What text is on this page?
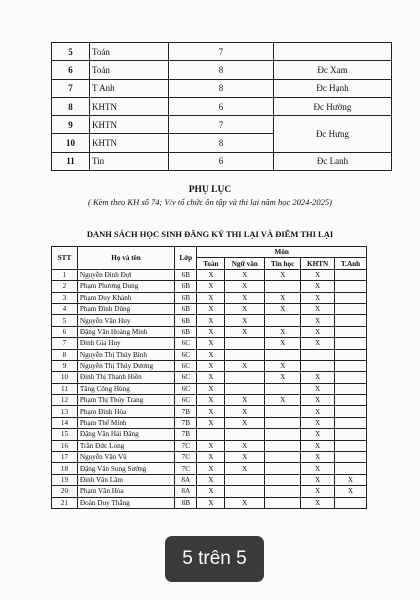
5	Toán	7	
6	Toán	8	Đc Xam
7	T Anh	8	Đc Hạnh
8	KHTN	6	Đc Hường
9	KHTN	7	Đc Hưng
10	KHTN	8	
11	Tin	6	Đc Lanh
PHỤ LỤC
( Kèm theo KH số 74; V/v tổ chức ôn tập và thi lại năm học 2024-2025)
DANH SÁCH HỌC SINH ĐĂNG KÝ THI LẠI VÀ ĐIỂM THI LẠI
STT	Họ và tên	Lớp	Môn				
			Toán	Ngữ văn	Tin học	KHTN	T.Anh
1	Nguyễn Đình Đợi	6B	X	X	X	X	
2	Phạm Phương Dung	6B	X	X		X	
3	Phạm Duy Khánh	6B	X	X	X	X	
4	Phạm Đình Dũng	6B	X	X	X	X	
5	Nguyễn Văn Huy	6B	X	X		X	
6	Đặng Văn Hoàng Minh	6B	X	X	X	X	
7	Đinh Gia Huy	6C	X		X	X	
8	Nguyễn Thị Thúy Bình	6C	X				
9	Nguyễn Thị Thúy Dương	6C	X	X	X		
10	Đinh Thị Thanh Hiền	6C	X		X	X	
11	Tăng Công Hùng	6C	X			X	
12	Phạm Thị Thúy Trang	6C	X	X	X	X	
13	Phạm Đình Hòa	7B	X	X		X	
14	Phạm Thế Minh	7B	X	X		X	
15	Đặng Văn Hải Đăng	7B				X	
16	Trần Đức Long	7C	X	X		X	
17	Nguyễn Văn Vũ	7C	X	X		X	
18	Đặng Văn Sung Sướng	7C	X	X		X	
19	Đinh Văn Lâm	8A	X			X	X
20	Phạm Văn Hòa	8A	X			X	X
21	Đoàn Duy Thắng	8B	X	X		X	
5 trên 5
